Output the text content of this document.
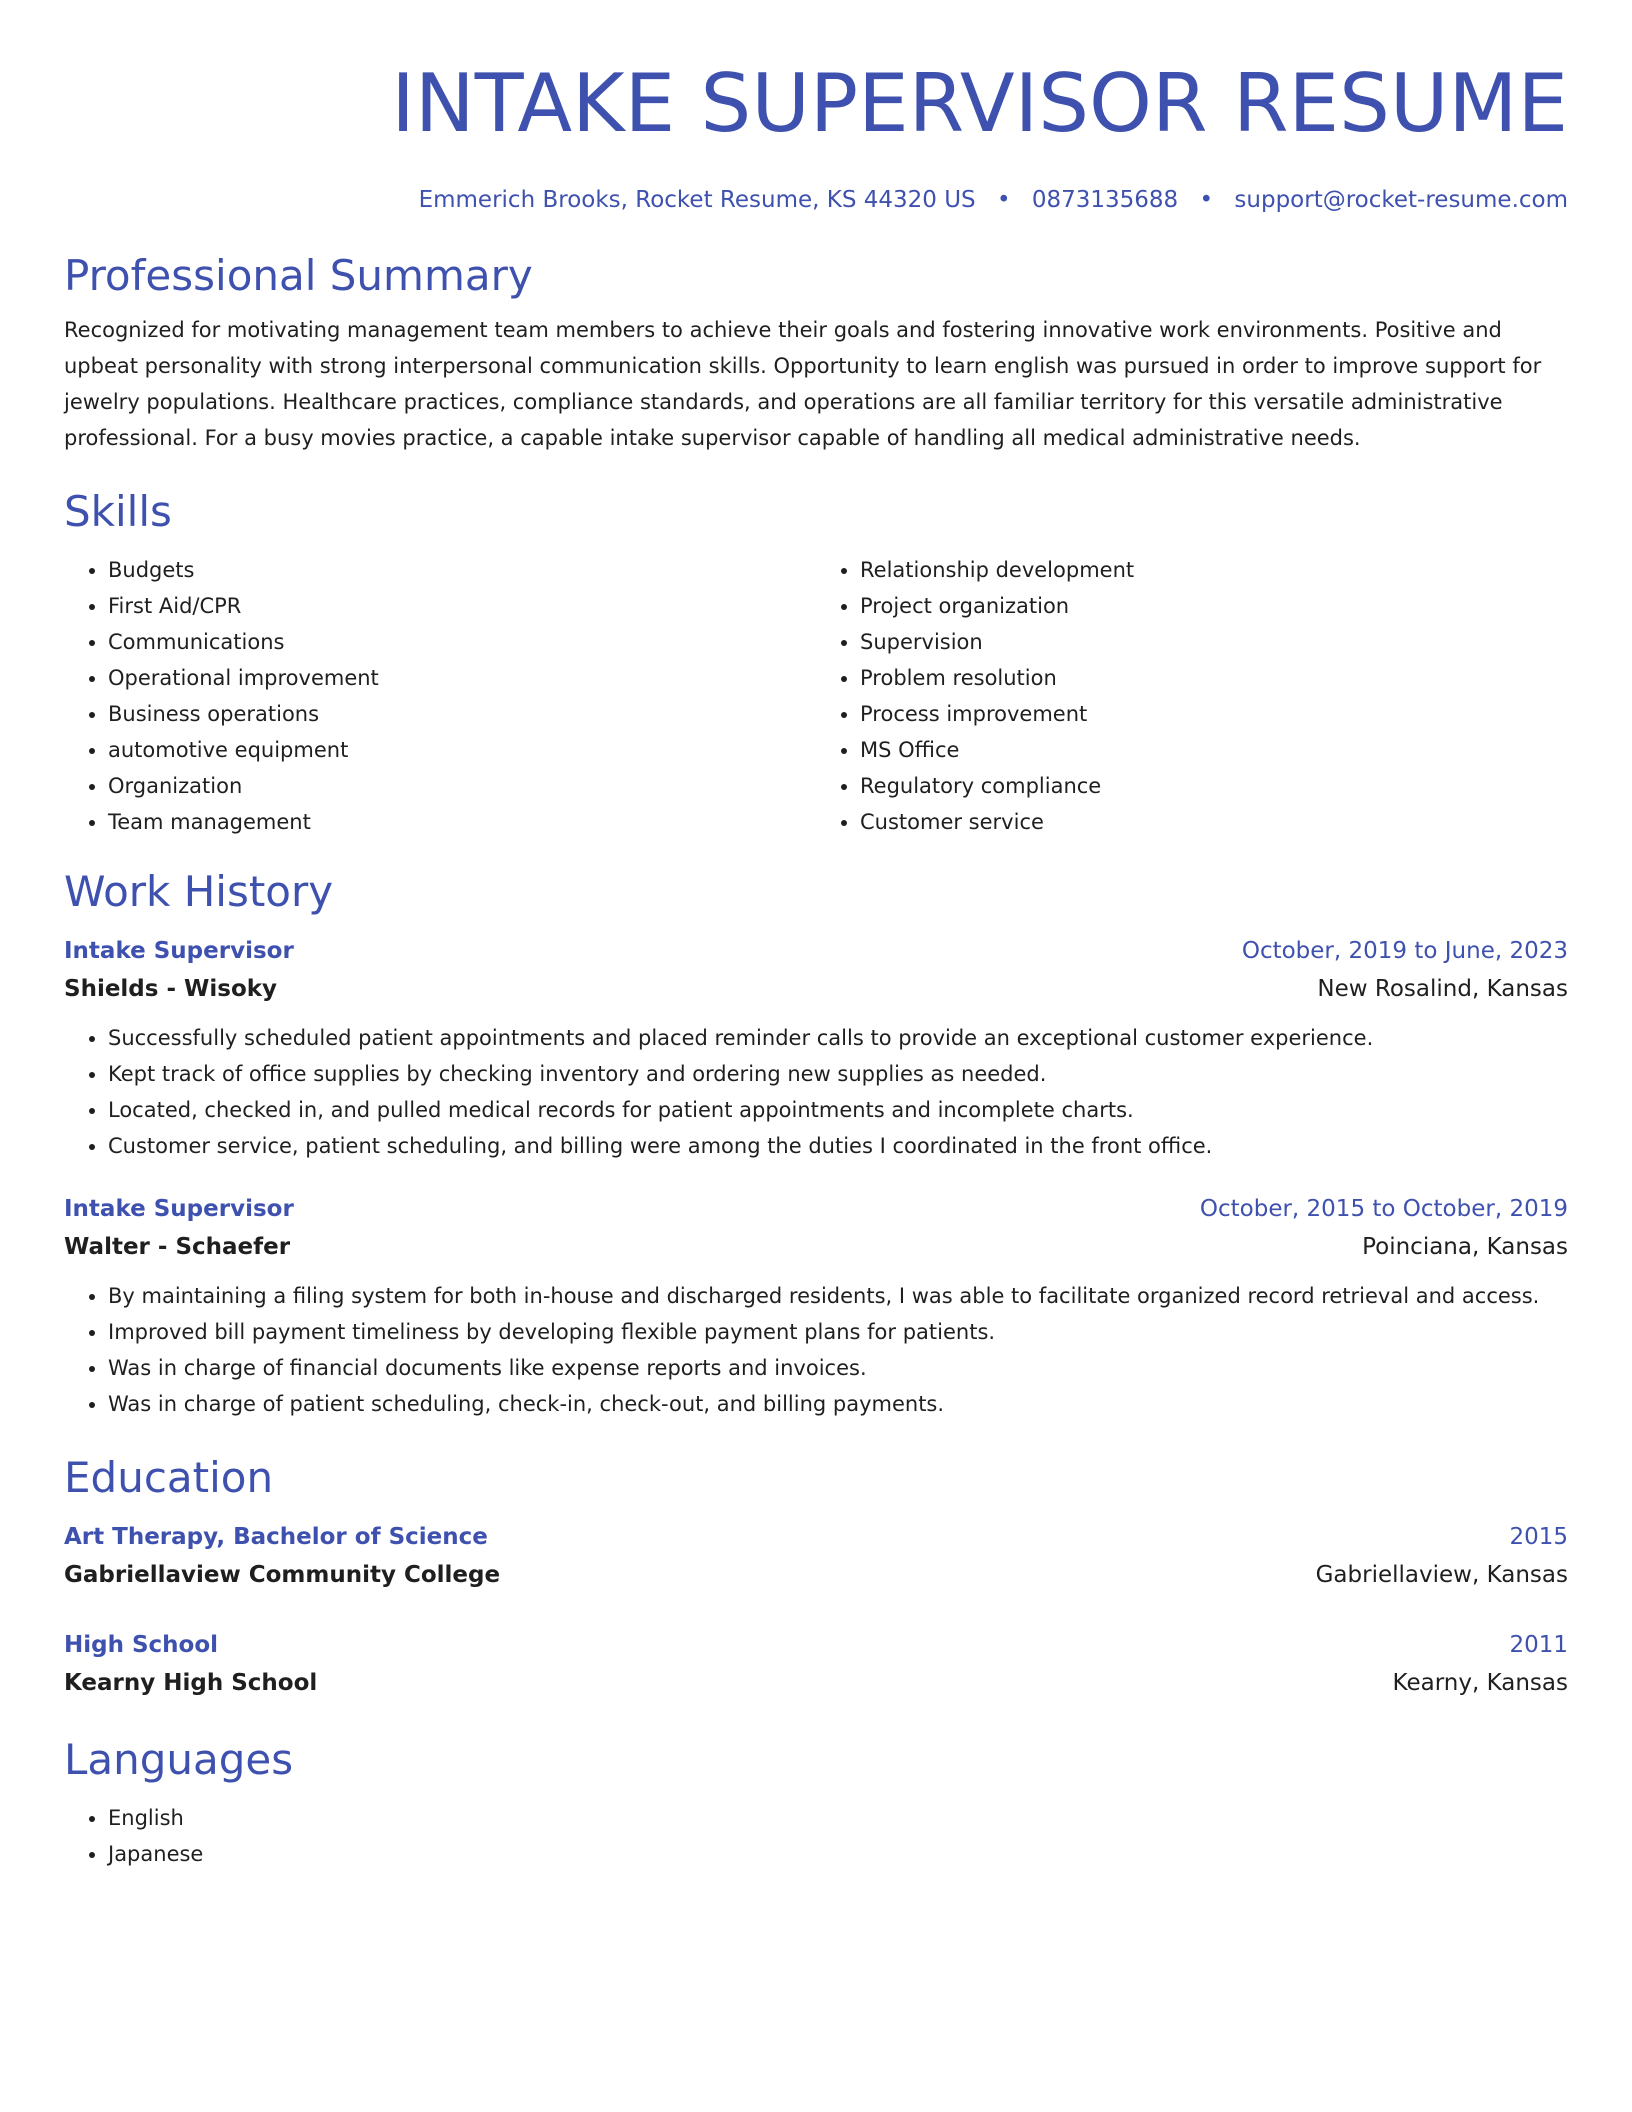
INTAKE SUPERVISOR RESUME
Emmerich Brooks, Rocket Resume, KS 44320 US • 0873135688 • support@rocket-resume.com
Professional Summary

Recognized for motivating management team members to achieve their goals and fostering innovative work environments. Positive and upbeat personality with strong interpersonal communication skills. Opportunity to learn english was pursued in order to improve support for jewelry populations. Healthcare practices, compliance standards, and operations are all familiar territory for this versatile administrative professional. For a busy movies practice, a capable intake supervisor capable of handling all medical administrative needs.

Skills
• Budgets
• First Aid/CPR
• Communications
• Operational improvement
• Business operations
• automotive equipment
• Organization
• Team management
• Relationship development
• Project organization
• Supervision
• Problem resolution
• Process improvement
• MS Office
• Regulatory compliance
• Customer service
Work History
Intake Supervisor	October, 2019 to June, 2023
Shields - Wisoky	New Rosalind, Kansas
• Successfully scheduled patient appointments and placed reminder calls to provide an exceptional customer experience.
• Kept track of office supplies by checking inventory and ordering new supplies as needed.
• Located, checked in, and pulled medical records for patient appointments and incomplete charts.
• Customer service, patient scheduling, and billing were among the duties I coordinated in the front office.
Intake Supervisor	October, 2015 to October, 2019
Walter - Schaefer	Poinciana, Kansas
• By maintaining a filing system for both in-house and discharged residents, I was able to facilitate organized record retrieval and access.
• Improved bill payment timeliness by developing flexible payment plans for patients.
• Was in charge of financial documents like expense reports and invoices.
• Was in charge of patient scheduling, check-in, check-out, and billing payments.
Education
Art Therapy, Bachelor of Science	2015
Gabriellaview Community College	Gabriellaview, Kansas
High School	2011
Kearny High School	Kearny, Kansas
Languages
• English
• Japanese
